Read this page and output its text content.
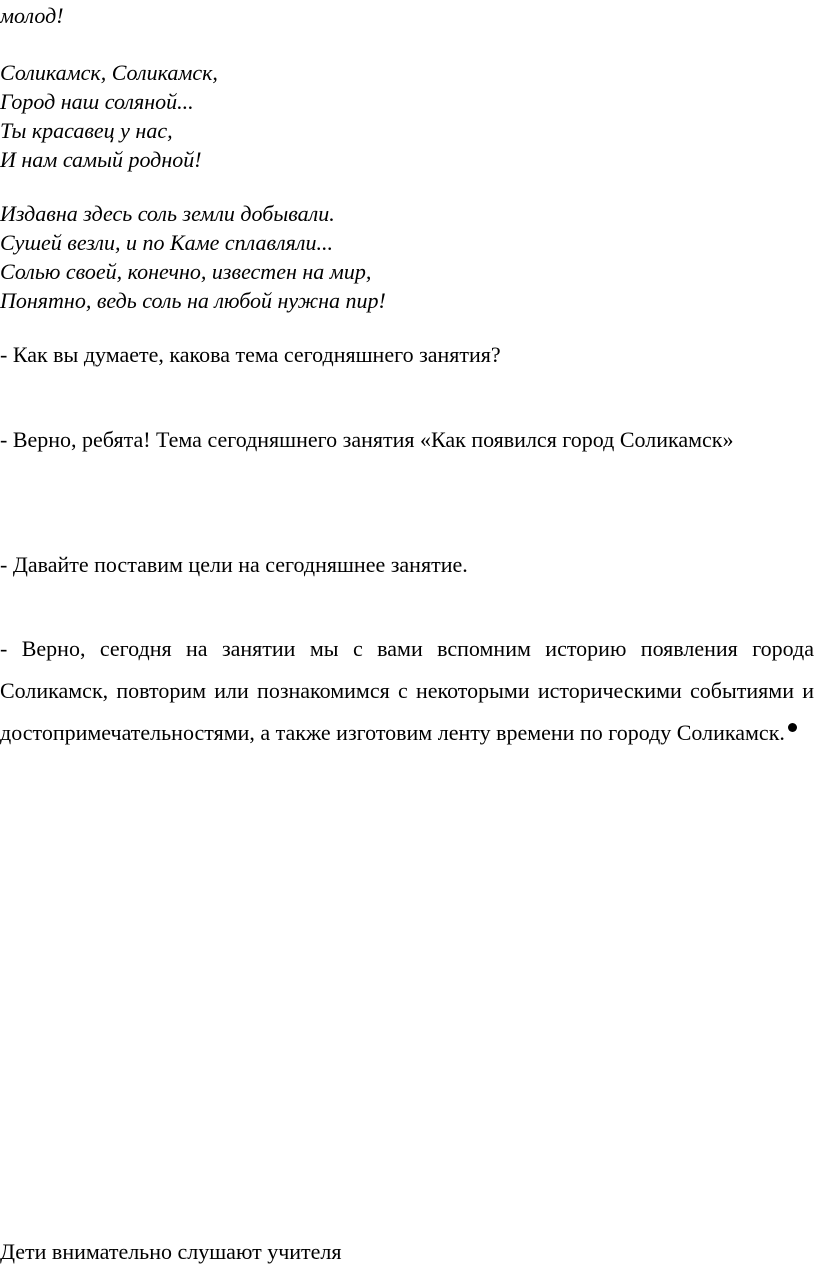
молод!
Соликамск, Соликамск,
Город наш соляной...
Ты красавец у нас,
И нам самый родной!
Издавна здесь соль земли добывали.
Сушей везли, и по Каме сплавляли...
Солью своей, конечно, известен на мир,
Понятно, ведь соль на любой нужна пир!
- Как вы думаете, какова тема сегодняшнего занятия?
- Верно, ребята! Тема сегодняшнего занятия «Как появился город Соликамск»
- Давайте поставим цели на сегодняшнее занятие.
- Верно, сегодня на занятии мы с вами вспомним историю появления города Соликамск, повторим или познакомимся с некоторыми историческими событиями и достопримечательностями, а также изготовим ленту времени по городу Соликамск.
Дети внимательно слушают учителя
